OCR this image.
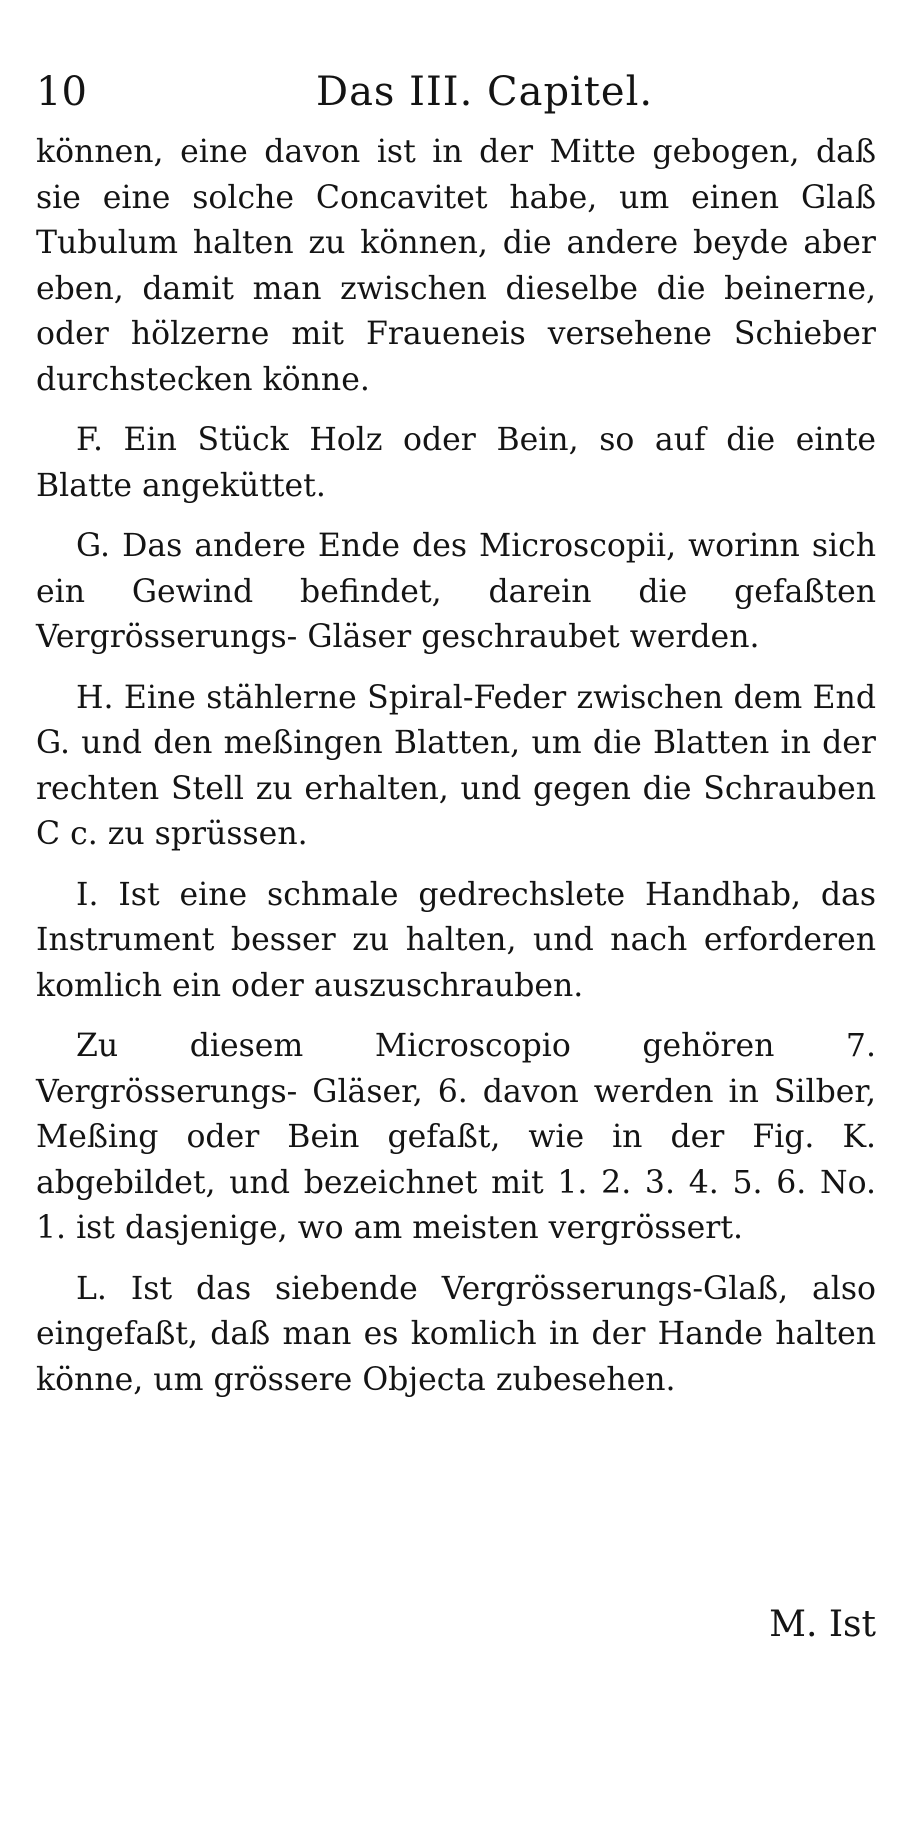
10	Das III. Capitel.

können, eine davon ist in der Mitte gebogen, daß sie eine solche Concavitet habe, um einen Glaß Tubulum halten zu können, die andere beyde aber eben, damit man zwischen dieselbe die beinerne, oder hölzerne mit Fraueneis versehene Schieber durchstecken könne.

F. Ein Stück Holz oder Bein, so auf die einte Blatte angeküttet.

G. Das andere Ende des Microscopii, worinn sich ein Gewind befindet, darein die gefaßten Vergrösserungs- Gläser geschraubet werden.

H. Eine stählerne Spiral-Feder zwischen dem End G. und den meßingen Blatten, um die Blatten in der rechten Stell zu erhalten, und gegen die Schrauben C c. zu sprüssen.

I. Ist eine schmale gedrechslete Handhab, das Instrument besser zu halten, und nach erforderen komlich ein oder auszuschrauben.

Zu diesem Microscopio gehören 7. Vergrösserungs- Gläser, 6. davon werden in Silber, Meßing oder Bein gefaßt, wie in der Fig. K. abgebildet, und bezeichnet mit 1. 2. 3. 4. 5. 6. No. 1. ist dasjenige, wo am meisten vergrössert.

L. Ist das siebende Vergrösserungs-Glaß, also eingefaßt, daß man es komlich in der Hande halten könne, um grössere Objecta zubesehen.

M. Ist
